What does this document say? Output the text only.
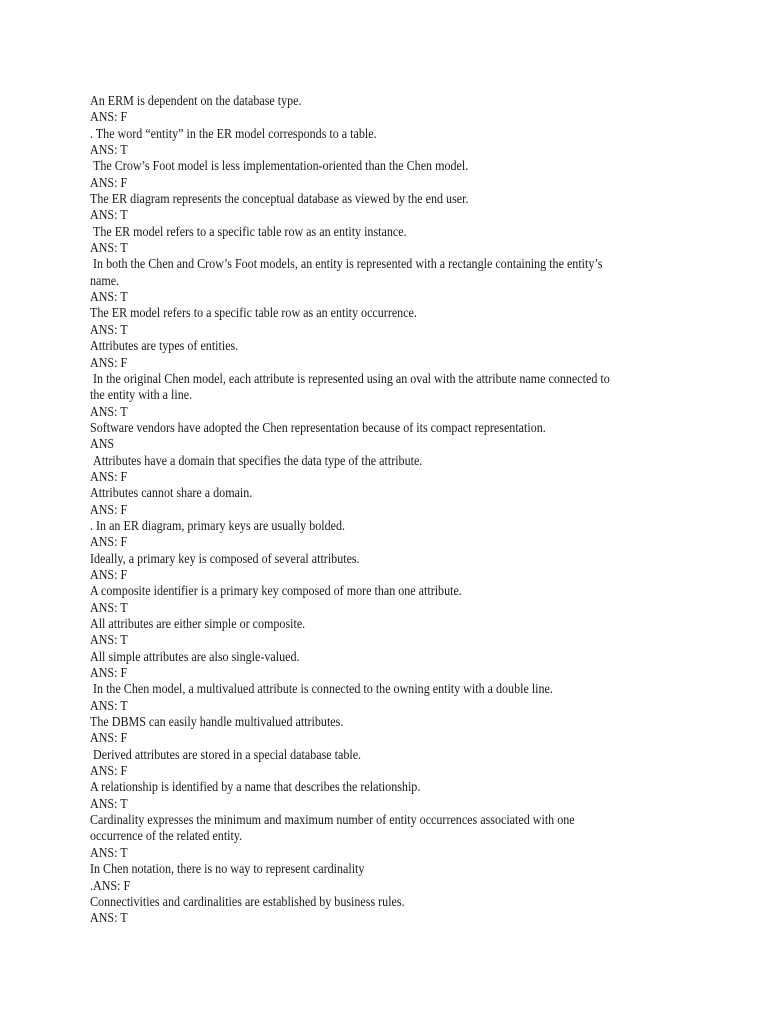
An ERM is dependent on the database type.
ANS: F
. The word “entity” in the ER model corresponds to a table.
ANS: T
The Crow’s Foot model is less implementation-oriented than the Chen model.
ANS: F
The ER diagram represents the conceptual database as viewed by the end user.
ANS: T
The ER model refers to a specific table row as an entity instance.
ANS: T
In both the Chen and Crow’s Foot models, an entity is represented with a rectangle containing the entity’s
name.
ANS: T
The ER model refers to a specific table row as an entity occurrence.
ANS: T
Attributes are types of entities.
ANS: F
In the original Chen model, each attribute is represented using an oval with the attribute name connected to
the entity with a line.
ANS: T
Software vendors have adopted the Chen representation because of its compact representation.
ANS
Attributes have a domain that specifies the data type of the attribute.
ANS: F
Attributes cannot share a domain.
ANS: F
. In an ER diagram, primary keys are usually bolded.
ANS: F
Ideally, a primary key is composed of several attributes.
ANS: F
A composite identifier is a primary key composed of more than one attribute.
ANS: T
All attributes are either simple or composite.
ANS: T
All simple attributes are also single-valued.
ANS: F
In the Chen model, a multivalued attribute is connected to the owning entity with a double line.
ANS: T
The DBMS can easily handle multivalued attributes.
ANS: F
Derived attributes are stored in a special database table.
ANS: F
A relationship is identified by a name that describes the relationship.
ANS: T
Cardinality expresses the minimum and maximum number of entity occurrences associated with one
occurrence of the related entity.
ANS: T
In Chen notation, there is no way to represent cardinality
.ANS: F
Connectivities and cardinalities are established by business rules.
ANS: T
